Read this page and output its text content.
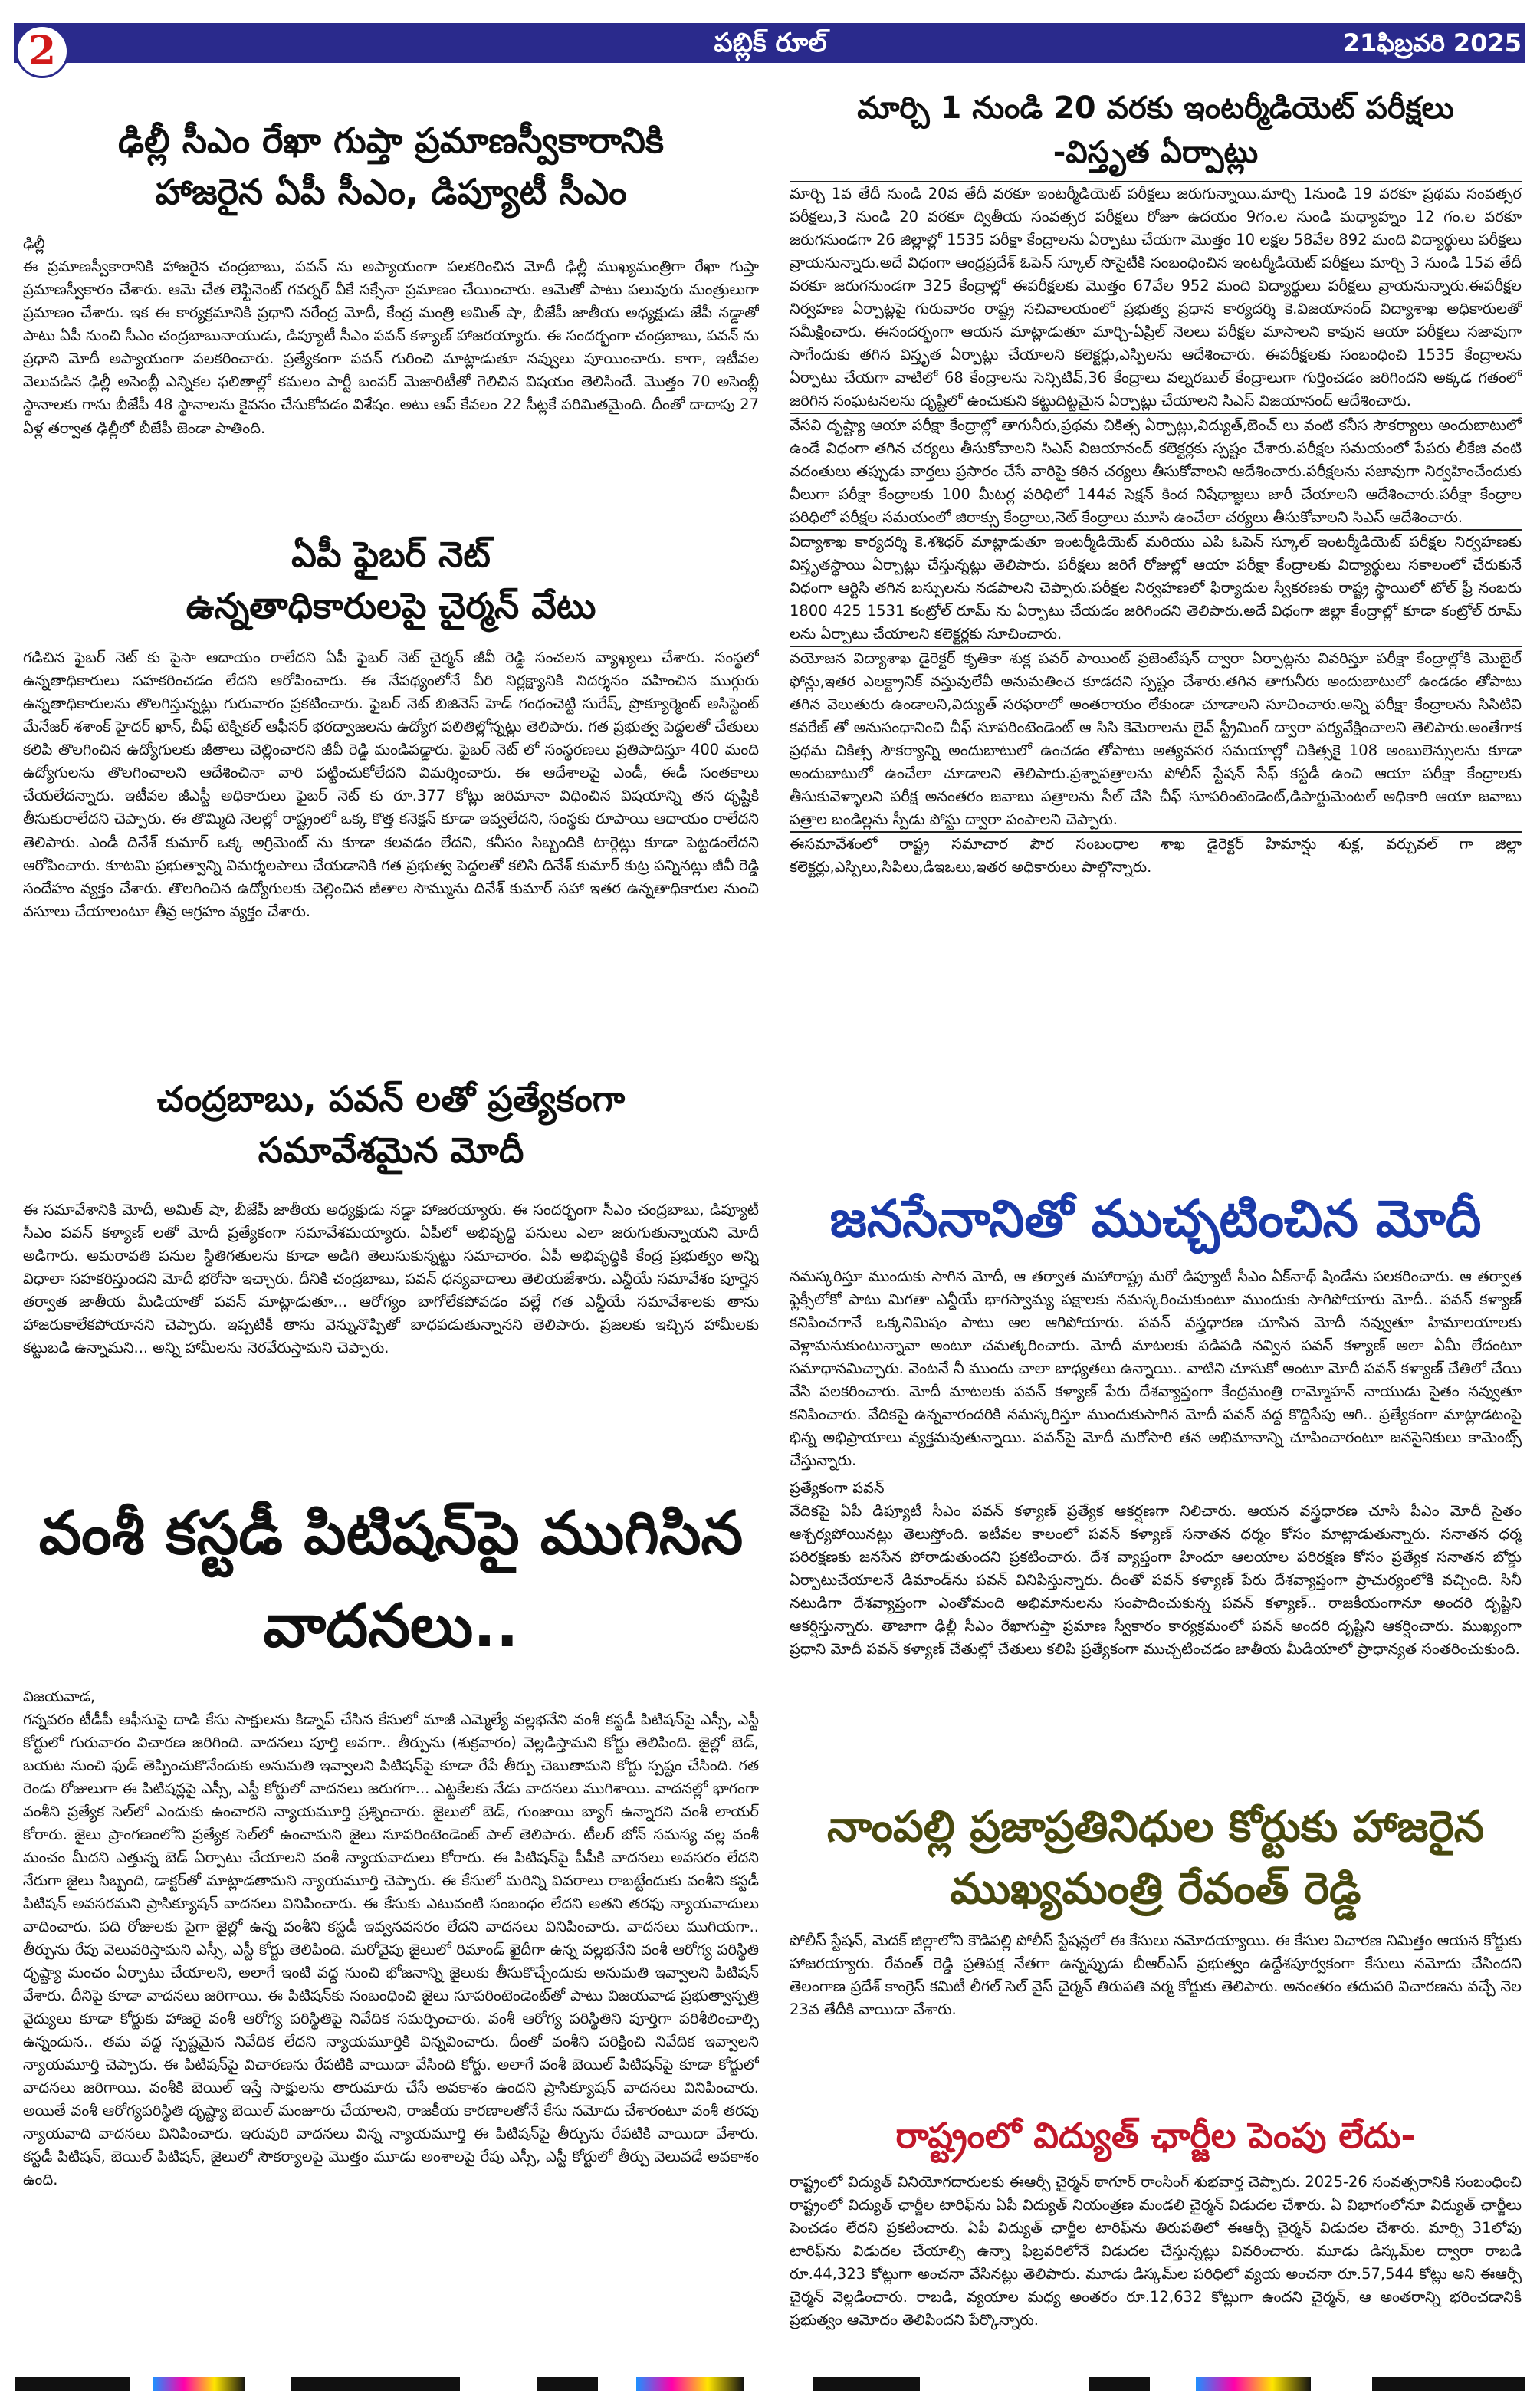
2	పబ్లిక్ రూల్	21ఫిబ్రవరి 2025

ఢిల్లీ సీఎం రేఖా గుప్తా ప్రమాణస్వీకారానికి

హాజరైన ఏపీ సీఎం, డిప్యూటీ సీఎం

ఢిల్లీ

ఈ ప్రమాణస్వీకారానికి హాజరైన చంద్రబాబు, పవన్ ను అప్యాయంగా పలకరించిన మోదీ ఢిల్లీ ముఖ్యమంత్రిగా రేఖా గుప్తా ప్రమాణస్వీకారం చేశారు. ఆమె చేత లెఫ్టినెంట్ గవర్నర్ వీకే సక్సేనా ప్రమాణం చేయించారు. ఆమెతో పాటు పలువురు మంత్రులుగా ప్రమాణం చేశారు. ఇక ఈ కార్యక్రమానికి ప్రధాని నరేంద్ర మోదీ, కేంద్ర మంత్రి అమిత్ షా, బీజేపీ జాతీయ అధ్యక్షుడు జేపీ నడ్డాతో పాటు ఏపీ నుంచి సీఎం చంద్రబాబునాయుడు, డిప్యూటీ సీఎం పవన్ కళ్యాణ్ హాజరయ్యారు. ఈ సందర్భంగా చంద్రబాబు, పవన్ ను ప్రధాని మోదీ అప్యాయంగా పలకరించారు. ప్రత్యేకంగా పవన్ గురించి మాట్లాడుతూ నవ్వులు పూయించారు. కాగా, ఇటీవల వెలువడిన ఢిల్లీ అసెంబ్లీ ఎన్నికల ఫలితాల్లో కమలం పార్టీ బంపర్ మెజారిటీతో గెలిచిన విషయం తెలిసిందే. మొత్తం 70 అసెంబ్లీ స్థానాలకు గాను బీజేపీ 48 స్థానాలను కైవసం చేసుకోవడం విశేషం. అటు ఆప్ కేవలం 22 సీట్లకే పరిమితమైంది. దీంతో దాదాపు 27 ఏళ్ల తర్వాత ఢిల్లీలో బీజేపీ జెండా పాతింది.

ఏపీ ఫైబర్ నెట్

ఉన్నతాధికారులపై చైర్మన్ వేటు

గడిచిన ఫైబర్ నెట్ కు పైసా ఆదాయం రాలేదని ఏపీ ఫైబర్ నెట్ చైర్మన్ జీవీ రెడ్డి సంచలన వ్యాఖ్యలు చేశారు. సంస్థలో ఉన్నతాధికారులు సహకరించడం లేదని ఆరోపించారు. ఈ నేపథ్యంలోనే వీరి నిర్లక్ష్యానికి నిదర్శనం వహించిన ముగ్గురు ఉన్నతాధికారులను తొలగిస్తున్నట్లు గురువారం ప్రకటించారు. ఫైబర్ నెట్ బిజినెస్ హెడ్ గంధంచెట్టి సురేష్, ప్రొక్యూర్మెంట్ అసిస్టెంట్ మేనేజర్ శశాంక్ హైదర్ ఖాన్, చీఫ్ టెక్నికల్ ఆఫీసర్ భరద్వాజలను ఉద్యోగ పలితిల్లోన్నట్లు తెలిపారు. గత ప్రభుత్వ పెద్దలతో చేతులు కలిపి తొలగించిన ఉద్యోగులకు జీతాలు చెల్లించారని జీవీ రెడ్డి మండిపడ్డారు. ఫైబర్ నెట్ లో సంస్థరణలు ప్రతిపాదిస్తూ 400 మంది ఉద్యోగులను తొలగించాలని ఆదేశించినా వారి పట్టించుకోలేదని విమర్శించారు. ఈ ఆదేశాలపై ఎండీ, ఈడీ సంతకాలు చేయలేదన్నారు. ఇటీవల జీఎస్టీ అధికారులు ఫైబర్ నెట్ కు రూ.377 కోట్లు జరిమానా విధించిన విషయాన్ని తన దృష్టికి తీసుకురాలేదని చెప్పారు. ఈ తొమ్మిది నెలల్లో రాష్ట్రంలో ఒక్క కొత్త కనెక్షన్ కూడా ఇవ్వలేదని, సంస్థకు రూపాయి ఆదాయం రాలేదని తెలిపారు. ఎండీ దినేశ్ కుమార్ ఒక్క అగ్రిమెంట్ ను కూడా కలవడం లేదని, కనీసం సిబ్బందికి టార్గెట్లు కూడా పెట్టడంలేదని ఆరోపించారు. కూటమి ప్రభుత్వాన్ని విమర్శలపాలు చేయడానికి గత ప్రభుత్వ పెద్దలతో కలిసి దినేశ్ కుమార్ కుట్ర పన్నినట్లు జీవీ రెడ్డి సందేహం వ్యక్తం చేశారు. తొలగించిన ఉద్యోగులకు చెల్లించిన జీతాల సొమ్మును దినేశ్ కుమార్ సహా ఇతర ఉన్నతాధికారుల నుంచి వసూలు చేయాలంటూ తీవ్ర ఆగ్రహం వ్యక్తం చేశారు.

చంద్రబాబు, పవన్ లతో ప్రత్యేకంగా

సమావేశమైన మోదీ

ఈ సమావేశానికి మోదీ, అమిత్ షా, బీజేపీ జాతీయ అధ్యక్షుడు నడ్డా హాజరయ్యారు. ఈ సందర్భంగా సీఎం చంద్రబాబు, డిప్యూటీ సీఎం పవన్ కళ్యాణ్ లతో మోదీ ప్రత్యేకంగా సమావేశమయ్యారు. ఏపీలో అభివృద్ధి పనులు ఎలా జరుగుతున్నాయని మోదీ అడిగారు. అమరావతి పనుల స్థితిగతులను కూడా అడిగి తెలుసుకున్నట్టు సమాచారం. ఏపీ అభివృద్ధికి కేంద్ర ప్రభుత్వం అన్ని విధాలా సహకరిస్తుందని మోదీ భరోసా ఇచ్చారు. దీనికి చంద్రబాబు, పవన్ ధన్యవాదాలు తెలియజేశారు. ఎన్డీయే సమావేశం పూర్తైన తర్వాత జాతీయ మీడియాతో పవన్ మాట్లాడుతూ... ఆరోగ్యం బాగోలేకపోవడం వల్లే గత ఎన్డీయే సమావేశాలకు తాను హాజరుకాలేకపోయానని చెప్పారు. ఇప్పటికీ తాను వెన్నునొప్పితో బాధపడుతున్నానని తెలిపారు. ప్రజలకు ఇచ్చిన హామీలకు కట్టుబడి ఉన్నామని... అన్ని హామీలను నెరవేరుస్తామని చెప్పారు.

వంశీ కస్టడీ పిటిషన్‌పై ముగిసిన

వాదనలు..

విజయవాడ,

గన్నవరం టీడీపీ ఆఫీసుపై దాడి కేసు సాక్షులను కిడ్నాప్ చేసిన కేసులో మాజీ ఎమ్మెల్యే వల్లభనేని వంశీ కస్టడీ పిటిషన్‌పై ఎస్సీ, ఎస్టీ కోర్టులో గురువారం విచారణ జరిగింది. వాదనలు పూర్తి అవగా.. తీర్పును (శుక్రవారం) వెల్లడిస్తామని కోర్టు తెలిపింది. జైల్లో బెడ్, బయట నుంచి ఫుడ్ తెప్పించుకొనేందుకు అనుమతి ఇవ్వాలని పిటిషన్‌పై కూడా రేపే తీర్పు చెబుతామని కోర్టు స్పష్టం చేసింది. గత రెండు రోజులుగా ఈ పిటిషన్లపై ఎస్సీ, ఎస్టీ కోర్టులో వాదనలు జరుగగా... ఎట్టకేలకు నేడు వాదనలు ముగిశాయి. వాదనల్లో భాగంగా వంశీని ప్రత్యేక సెల్‌లో ఎందుకు ఉంచారని న్యాయమూర్తి ప్రశ్నించారు. జైలులో బెడ్, గుంజాయి బ్యాగ్ ఉన్నారని వంశీ లాయర్ కోరారు. జైలు ప్రాంగణంలోని ప్రత్యేక సెల్‌లో ఉంచామని జైలు సూపరింటెండెంట్ పాల్ తెలిపారు. టీలర్ బోన్ సమస్య వల్ల వంశీ మంచం మీదని ఎత్తున్న బెడ్ ఏర్పాటు చేయాలని వంశీ న్యాయవాదులు కోరారు. ఈ పిటిషన్‌పై పీపీకి వాదనలు అవసరం లేదని నేరుగా జైలు సిబ్బంది, డాక్టర్‌తో మాట్లాడతామని న్యాయమూర్తి చెప్పారు. ఈ కేసులో మరిన్ని వివరాలు రాబట్టేందుకు వంశీని కస్టడీ పిటిషన్ అవసరమని ప్రాసిక్యూషన్ వాదనలు వినిపించారు. ఈ కేసుకు ఎటువంటి సంబంధం లేదని అతని తరఫు న్యాయవాదులు వాదించారు. పది రోజులకు పైగా జైల్లో ఉన్న వంశీని కస్టడీ ఇవ్వనవసరం లేదని వాదనలు వినిపించారు. వాదనలు ముగియగా.. తీర్పును రేపు వెలువరిస్తామని ఎస్సీ, ఎస్టీ కోర్టు తెలిపింది. మరోవైపు జైలులో రిమాండ్ ఖైదీగా ఉన్న వల్లభనేని వంశీ ఆరోగ్య పరిస్థితి దృష్ట్యా మంచం ఏర్పాటు చేయాలని, అలాగే ఇంటి వద్ద నుంచి భోజనాన్ని జైలుకు తీసుకొచ్చేందుకు అనుమతి ఇవ్వాలని పిటిషన్ వేశారు. దీనిపై కూడా వాదనలు జరిగాయి. ఈ పిటిషన్‌కు సంబంధించి జైలు సూపరింటెండెంట్‌తో పాటు విజయవాడ ప్రభుత్వాస్పత్రి వైద్యులు కూడా కోర్టుకు హాజరై వంశీ ఆరోగ్య పరిస్థితిపై నివేదిక సమర్పించారు. వంశీ ఆరోగ్య పరిస్థితిని పూర్తిగా పరిశీలించాల్సి ఉన్నందున.. తమ వద్ద స్పష్టమైన నివేదిక లేదని న్యాయమూర్తికి విన్నవించారు. దీంతో వంశీని పరిక్షించి నివేదిక ఇవ్వాలని న్యాయమూర్తి చెప్పారు. ఈ పిటిషన్‌పై విచారణను రేపటికి వాయిదా వేసింది కోర్టు. అలాగే వంశీ బెయిల్ పిటిషన్‌పై కూడా కోర్టులో వాదనలు జరిగాయి. వంశీకి బెయిల్ ఇస్తే సాక్షులను తారుమారు చేసే అవకాశం ఉందని ప్రాసిక్యూషన్ వాదనలు వినిపించారు. అయితే వంశీ ఆరోగ్యపరిస్థితి దృష్ట్యా బెయిల్ మంజూరు చేయాలని, రాజకీయ కారణాలతోనే కేసు నమోదు చేశారంటూ వంశీ తరపు న్యాయవాది వాదనలు వినిపించారు. ఇరువురి వాదనలు విన్న న్యాయమూర్తి ఈ పిటిషన్‌పై తీర్పును రేపటికి వాయిదా వేశారు. కస్టడీ పిటిషన్, బెయిల్ పిటిషన్, జైలులో సౌకర్యాలపై మొత్తం మూడు అంశాలపై రేపు ఎస్సీ, ఎస్టీ కోర్టులో తీర్పు వెలువడే అవకాశం ఉంది.

మార్చి 1 నుండి 20 వరకు ఇంటర్మీడియెట్ పరీక్షలు

-విస్తృత ఏర్పాట్లు

మార్చి 1వ తేదీ నుండి 20వ తేదీ వరకూ ఇంటర్మీడియెట్ పరీక్షలు జరుగున్నాయి.మార్చి 1నుండి 19 వరకూ ప్రథమ సంవత్సర పరీక్షలు,3 నుండి 20 వరకూ ద్వితీయ సంవత్సర పరీక్షలు రోజూ ఉదయం 9గం.ల నుండి మధ్యాహ్నం 12 గం.ల వరకూ జరుగనుండగా 26 జిల్లాల్లో 1535 పరీక్షా కేంద్రాలను ఏర్పాటు చేయగా మొత్తం 10 లక్షల 58వేల 892 మంది విద్యార్థులు పరీక్షలు వ్రాయనున్నారు.అదే విధంగా ఆంధ్రప్రదేశ్ ఓపెన్ స్కూల్ సొసైటీకి సంబంధించిన ఇంటర్మీడియెట్ పరీక్షలు మార్చి 3 నుండి 15వ తేదీ వరకూ జరుగనుండగా 325 కేంద్రాల్లో ఈపరీక్షలకు మొత్తం 67వేల 952 మంది విద్యార్థులు పరీక్షలు వ్రాయనున్నారు.ఈపరీక్షల నిర్వహణ ఏర్పాట్లపై గురువారం రాష్ట్ర సచివాలయంలో ప్రభుత్వ ప్రధాన కార్యదర్శి కె.విజయానంద్ విద్యాశాఖ అధికారులతో సమీక్షించారు. ఈసందర్భంగా ఆయన మాట్లాడుతూ మార్చి-ఏప్రిల్ నెలలు పరీక్షల మాసాలని కావున ఆయా పరీక్షలు సజావుగా సాగేందుకు తగిన విస్తృత ఏర్పాట్లు చేయాలని కలెక్టర్లు,ఎస్పిలను ఆదేశించారు. ఈపరీక్షలకు సంబంధించి 1535 కేంద్రాలను ఏర్పాటు చేయగా వాటిలో 68 కేంద్రాలను సెన్సిటివ్,36 కేంద్రాలు వల్నరబుల్ కేంద్రాలుగా గుర్తించడం జరిగిందని అక్కడ గతంలో జరిగిన సంఘటనలను దృష్టిలో ఉంచుకుని కట్టుదిట్టమైన ఏర్పాట్లు చేయాలని సిఎస్ విజయానంద్ ఆదేశించారు.

వేసవి దృష్ట్యా ఆయా పరీక్షా కేంద్రాల్లో తాగునీరు,ప్రథమ చికిత్స ఏర్పాట్లు,విద్యుత్,బెంచ్ లు వంటి కనీస సౌకర్యాలు అందుబాటులో ఉండే విధంగా తగిన చర్యలు తీసుకోవాలని సిఎస్ విజయానంద్ కలెక్టర్లకు స్పష్టం చేశారు.పరీక్షల సమయంలో పేపరు లీకేజి వంటి వదంతులు తప్పుడు వార్తలు ప్రసారం చేసే వారిపై కఠిన చర్యలు తీసుకోవాలని ఆదేశించారు.పరీక్షలను సజావుగా నిర్వహించేందుకు వీలుగా పరీక్షా కేంద్రాలకు 100 మీటర్ల పరిధిలో 144వ సెక్షన్ కింద నిషేధాజ్ఞలు జారీ చేయాలని ఆదేశించారు.పరీక్షా కేంద్రాల పరిధిలో పరీక్షల సమయంలో జిరాక్సు కేంద్రాలు,నెట్ కేంద్రాలు మూసి ఉంచేలా చర్యలు తీసుకోవాలని సిఎస్ ఆదేశించారు.

విద్యాశాఖ కార్యదర్శి కె.శశిధర్ మాట్లాడుతూ ఇంటర్మీడియెట్ మరియు ఎపి ఓపెన్ స్కూల్ ఇంటర్మీడియెట్ పరీక్షల నిర్వహణకు విస్తృతస్థాయి ఏర్పాట్లు చేస్తున్నట్లు తెలిపారు. పరీక్షలు జరిగే రోజుల్లో ఆయా పరీక్షా కేంద్రాలకు విద్యార్థులు సకాలంలో చేరుకునే విధంగా ఆర్టిసి తగిన బస్సులను నడపాలని చెప్పారు.పరీక్షల నిర్వహణలో ఫిర్యాదుల స్వీకరణకు రాష్ట్ర స్థాయిలో టోల్ ఫ్రీ నంబరు 1800 425 1531 కంట్రోల్ రూమ్ ను ఏర్పాటు చేయడం జరిగిందని తెలిపారు.అదే విధంగా జిల్లా కేంద్రాల్లో కూడా కంట్రోల్ రూమ్ లను ఏర్పాటు చేయాలని కలెక్టర్లకు సూచించారు.

వయోజన విద్యాశాఖ డైరెక్టర్ కృతికా శుక్ల పవర్ పాయింట్ ప్రజెంటేషన్ ద్వారా ఏర్పాట్లను వివరిస్తూ పరీక్షా కేంద్రాల్లోకి మొబైల్ ఫోన్లు,ఇతర ఎలక్ట్రానిక్ వస్తువులేవీ అనుమతించ కూడదని స్పష్టం చేశారు.తగిన తాగునీరు అందుబాటులో ఉండడం తోపాటు తగిన వెలుతురు ఉండాలని,విద్యుత్ సరఫరాలో అంతరాయం లేకుండా చూడాలని సూచించారు.అన్ని పరీక్షా కేంద్రాలను సిసిటివి కవరేజ్ తో అనుసంధానించి చీఫ్ సూపరింటెండెంట్ ఆ సిసి కెమెరాలను లైవ్ స్ట్రీమింగ్ ద్వారా పర్యవేక్షించాలని తెలిపారు.అంతేగాక ప్రథమ చికిత్స సౌకర్యాన్ని అందుబాటులో ఉంచడం తోపాటు అత్యవసర సమయాల్లో చికిత్సకై 108 అంబులెన్సులను కూడా అందుబాటులో ఉంచేలా చూడాలని తెలిపారు.ప్రశ్నాపత్రాలను పోలీస్ స్టేషన్ సేఫ్ కస్టడీ ఉంచి ఆయా పరీక్షా కేంద్రాలకు తీసుకువెళ్ళాలని పరీక్ష అనంతరం జవాబు పత్రాలను సీల్ చేసి చీఫ్ సూపరింటెండెంట్,డిపార్టుమెంటల్ అధికారి ఆయా జవాబు పత్రాల బండిల్లను స్పీడు పోస్టు ద్వారా పంపాలని చెప్పారు.

ఈసమావేశంలో రాష్ట్ర సమాచార పౌర సంబంధాల శాఖ డైరెక్టర్ హిమాన్షు శుక్ల, వర్చువల్ గా జిల్లా కలెక్టర్లు,ఎస్పిలు,సిపిలు,డిఇఒలు,ఇతర అధికారులు పాల్గొన్నారు.

జనసేనానితో ముచ్చటించిన మోదీ

నమస్కరిస్తూ ముందుకు సాగిన మోదీ, ఆ తర్వాత మహారాష్ట్ర మరో డిప్యూటీ సీఎం ఏక్‌నాథ్ షిండేను పలకరించారు. ఆ తర్వాత ఫ్లెక్సీలోకో పాటు మిగతా ఎన్డీయే భాగస్వామ్య పక్షాలకు నమస్కరించుకుంటూ ముందుకు సాగిపోయారు మోదీ.. పవన్ కళ్యాణ్ కనిపించగానే ఒక్కనిమిషం పాటు ఆల ఆగిపోయారు. పవన్ వస్త్రధారణ చూసిన మోదీ నవ్వుతూ హిమాలయాలకు వెళ్లామనుకుంటున్నావా అంటూ చమత్కరించారు. మోదీ మాటలకు పడిపడి నవ్విన పవన్ కళ్యాణ్ అలా ఏమీ లేదంటూ సమాధానమిచ్చారు. వెంటనే నీ ముందు చాలా బాధ్యతలు ఉన్నాయి.. వాటిని చూసుకో అంటూ మోదీ పవన్ కళ్యాణ్ చేతిలో చేయి వేసి పలకరించారు. మోదీ మాటలకు పవన్ కళ్యాణ్ పేరు దేశవ్యాప్తంగా కేంద్రమంత్రి రామ్మోహన్ నాయుడు సైతం నవ్వుతూ కనిపించారు. వేదికపై ఉన్నవారందరికి నమస్కరిస్తూ ముందుకుసాగిన మోదీ పవన్ వద్ద కొద్దిసేపు ఆగి.. ప్రత్యేకంగా మాట్లాడటంపై భిన్న అభిప్రాయాలు వ్యక్తమవుతున్నాయి. పవన్‌పై మోదీ మరోసారి తన అభిమానాన్ని చూపించారంటూ జనసైనికులు కామెంట్స్ చేస్తున్నారు.

ప్రత్యేకంగా పవన్

వేదికపై ఏపీ డిప్యూటీ సీఎం పవన్ కళ్యాణ్ ప్రత్యేక ఆకర్షణగా నిలిచారు. ఆయన వస్త్రధారణ చూసి పీఎం మోదీ సైతం ఆశ్చర్యపోయినట్లు తెలుస్తోంది. ఇటీవల కాలంలో పవన్ కళ్యాణ్ సనాతన ధర్మం కోసం మాట్లాడుతున్నారు. సనాతన ధర్మ పరిరక్షణకు జనసేన పోరాడుతుందని ప్రకటించారు. దేశ వ్యాప్తంగా హిందూ ఆలయాల పరిరక్షణ కోసం ప్రత్యేక సనాతన బోర్డు ఏర్పాటుచేయాలనే డిమాండ్‌ను పవన్ వినిపిస్తున్నారు. దీంతో పవన్ కళ్యాణ్ పేరు దేశవ్యాప్తంగా ప్రాచుర్యంలోకి వచ్చింది. సినీ నటుడిగా దేశవ్యాప్తంగా ఎంతోమంది అభిమానులను సంపాదించుకున్న పవన్ కళ్యాణ్.. రాజకీయంగానూ అందరి దృష్టిని ఆకర్షిస్తున్నారు. తాజాగా ఢిల్లీ సీఎం రేఖాగుప్తా ప్రమాణ స్వీకారం కార్యక్రమంలో పవన్ అందరి దృష్టిని ఆకర్షించారు. ముఖ్యంగా ప్రధాని మోదీ పవన్ కళ్యాణ్ చేతుల్లో చేతులు కలిపి ప్రత్యేకంగా ముచ్చటించడం జాతీయ మీడియాలో ప్రాధాన్యత సంతరించుకుంది.

నాంపల్లి ప్రజాప్రతినిధుల కోర్టుకు హాజరైన

ముఖ్యమంత్రి రేవంత్ రెడ్డి

పోలీస్ స్టేషన్, మెదక్ జిల్లాలోని కౌడిపల్లి పోలీస్ స్టేషన్లలో ఈ కేసులు నమోదయ్యాయి. ఈ కేసుల విచారణ నిమిత్తం ఆయన కోర్టుకు హాజరయ్యారు. రేవంత్ రెడ్డి ప్రతిపక్ష నేతగా ఉన్నప్పుడు బీఆర్ఎస్ ప్రభుత్వం ఉద్దేశపూర్వకంగా కేసులు నమోదు చేసిందని తెలంగాణ ప్రదేశ్ కాంగ్రెస్ కమిటీ లీగల్ సెల్ వైస్ చైర్మన్ తిరుపతి వర్మ కోర్టుకు తెలిపారు. అనంతరం తదుపరి విచారణను వచ్చే నెల 23వ తేదీకి వాయిదా వేశారు.

రాష్ట్రంలో విద్యుత్ ఛార్జీల పెంపు లేదు-

రాష్ట్రంలో విద్యుత్ వినియోగదారులకు ఈఆర్సీ చైర్మన్ ఠాగూర్ రాంసింగ్ శుభవార్త చెప్పారు. 2025-26 సంవత్సరానికి సంబంధించి రాష్ట్రంలో విద్యుత్ ఛార్జీల టారిఫ్‌ను ఏపీ విద్యుత్ నియంత్రణ మండలి చైర్మన్ విడుదల చేశారు. ఏ విభాగంలోనూ విద్యుత్ ఛార్జీలు పెంచడం లేదని ప్రకటించారు. ఏపీ విద్యుత్ ఛార్జీల టారిఫ్‌ను తిరుపతిలో ఈఆర్సీ చైర్మన్ విడుదల చేశారు. మార్చి 31లోపు టారిఫ్‌ను విడుదల చేయాల్సి ఉన్నా ఫిబ్రవరిలోనే విడుదల చేస్తున్నట్లు వివరించారు. మూడు డిస్కమ్‌ల ద్వారా రాబడి రూ.44,323 కోట్లుగా అంచనా వేసినట్లు తెలిపారు. మూడు డిస్కమ్‌ల పరిధిలో వ్యయ అంచనా రూ.57,544 కోట్లు అని ఈఆర్సీ చైర్మన్ వెల్లడించారు. రాబడి, వ్యయాల మధ్య అంతరం రూ.12,632 కోట్లుగా ఉందని చైర్మన్, ఆ అంతరాన్ని భరించడానికి ప్రభుత్వం ఆమోదం తెలిపిందని పేర్కొన్నారు.
